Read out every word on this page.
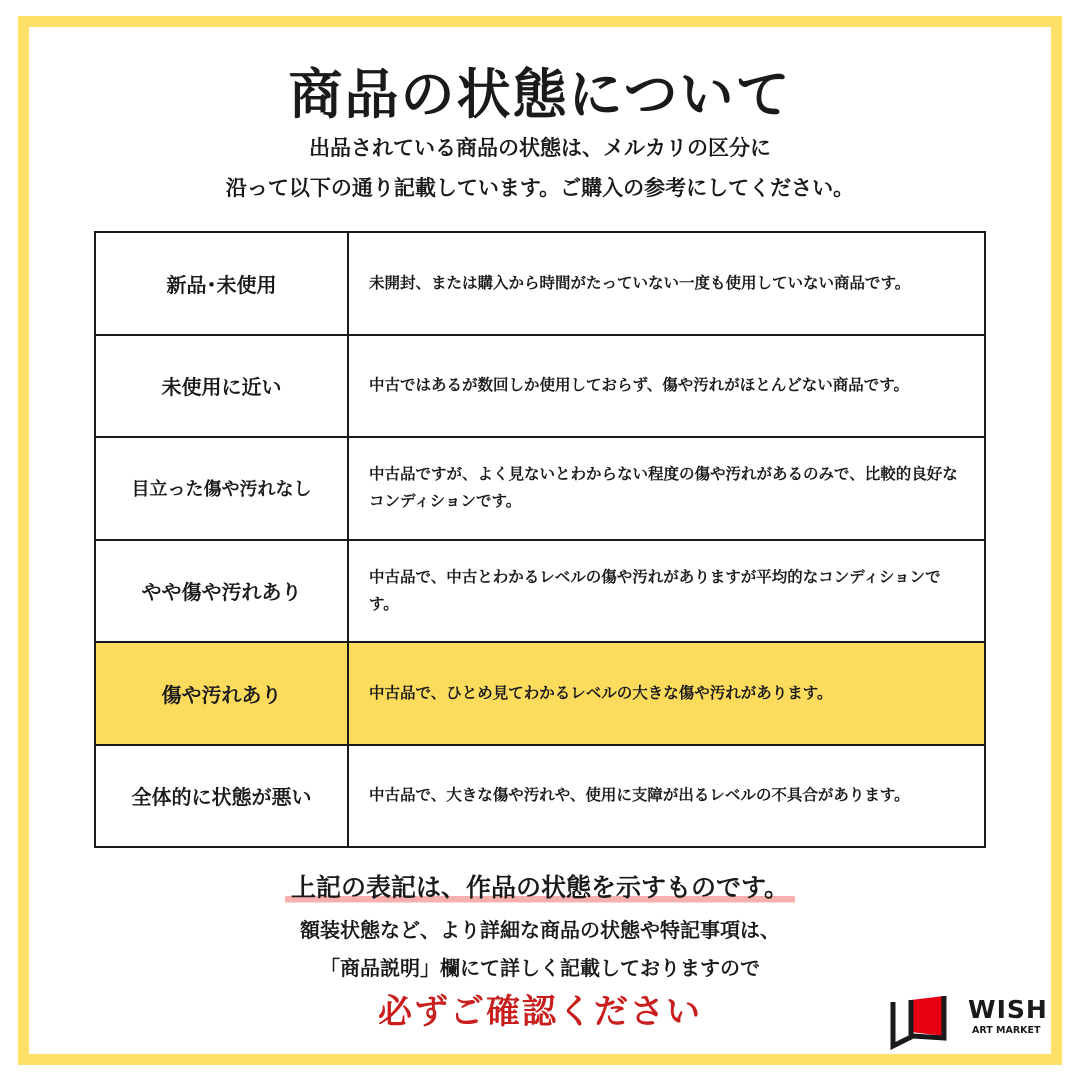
商品の状態について

出品されている商品の状態は、メルカリの区分に

沿って以下の通り記載しています。ご購入の参考にしてください。

新品･未使用	未開封、または購入から時間がたっていない一度も使用していない商品です。
未使用に近い	中古ではあるが数回しか使用しておらず、傷や汚れがほとんどない商品です。
目立った傷や汚れなし	中古品ですが、よく見ないとわからない程度の傷や汚れがあるのみで、比較的良好なコンディションです。
やや傷や汚れあり	中古品で、中古とわかるレベルの傷や汚れがありますが平均的なコンディションです。
傷や汚れあり	中古品で、ひとめ見てわかるレベルの大きな傷や汚れがあります。
全体的に状態が悪い	中古品で、大きな傷や汚れや、使用に支障が出るレベルの不具合があります。
上記の表記は、作品の状態を示すものです。

額装状態など、より詳細な商品の状態や特記事項は、

「商品説明」欄にて詳しく記載しておりますので

必ずご確認ください	WISH
ART MARKET
